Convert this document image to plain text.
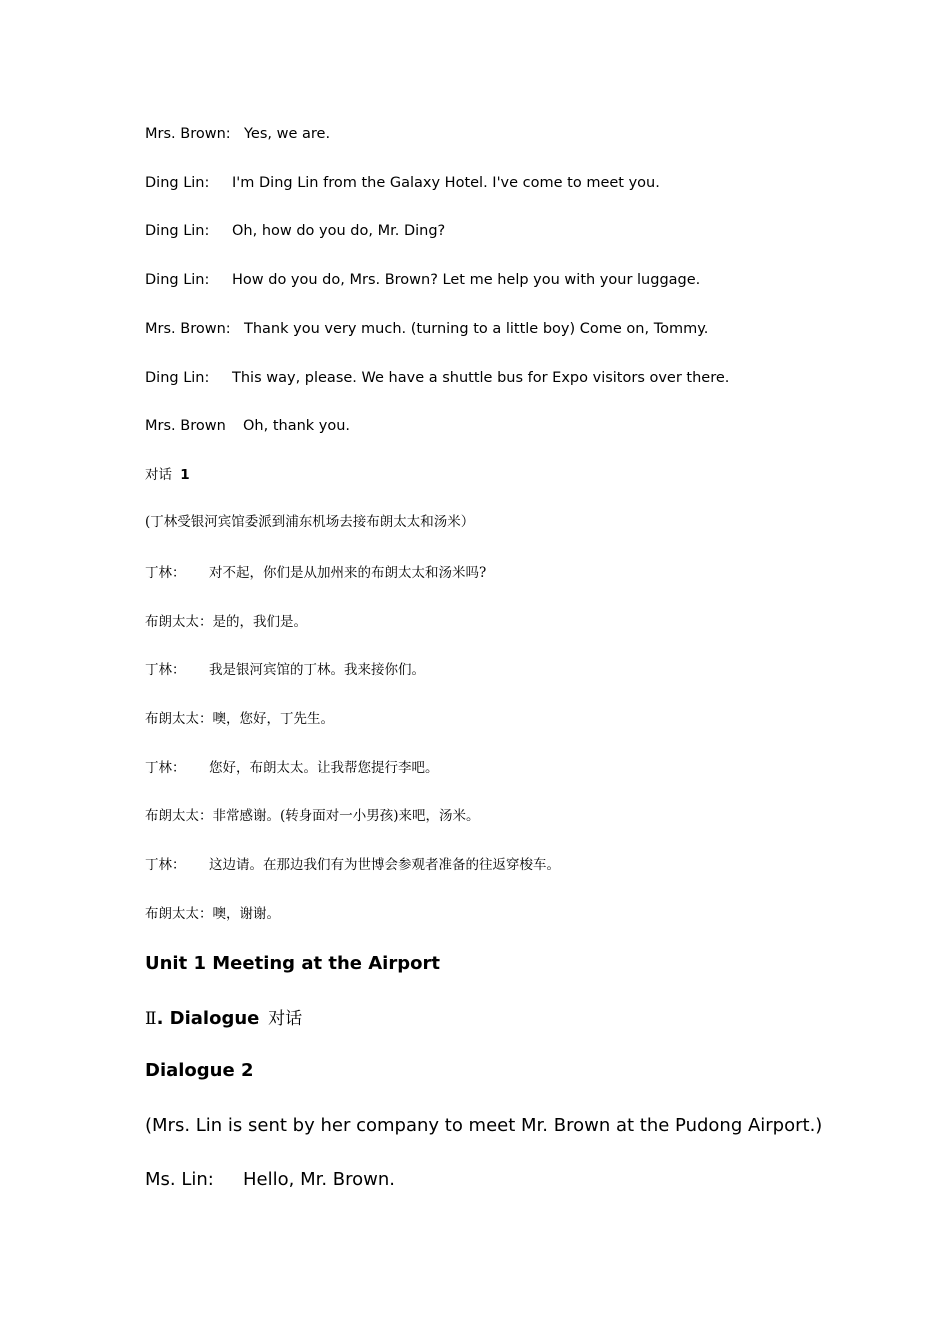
Mrs. Brown: Yes, we are.
Ding Lin: I'm Ding Lin from the Galaxy Hotel. I've come to meet you.
Ding Lin: Oh, how do you do, Mr. Ding?
Ding Lin: How do you do, Mrs. Brown? Let me help you with your luggage.
Mrs. Brown: Thank you very much. (turning to a little boy) Come on, Tommy.
Ding Lin: This way, please. We have a shuttle bus for Expo visitors over there.
Mrs. Brown Oh, thank you.
对话 1
(丁林受银河宾馆委派到浦东机场去接布朗太太和汤米）
丁林： 对不起，你们是从加州来的布朗太太和汤米吗?
布朗太太：是的，我们是。
丁林： 我是银河宾馆的丁林。我来接你们。
布朗太太：噢，您好，丁先生。
丁林： 您好，布朗太太。让我帮您提行李吧。
布朗太太：非常感谢。(转身面对一小男孩)来吧，汤米。
丁林： 这边请。在那边我们有为世博会参观者准备的往返穿梭车。
布朗太太：噢，谢谢。
Unit 1 Meeting at the Airport
Ⅱ. Dialogue 对话
Dialogue 2
(Mrs. Lin is sent by her company to meet Mr. Brown at the Pudong Airport.)
Ms. Lin: Hello, Mr. Brown.
